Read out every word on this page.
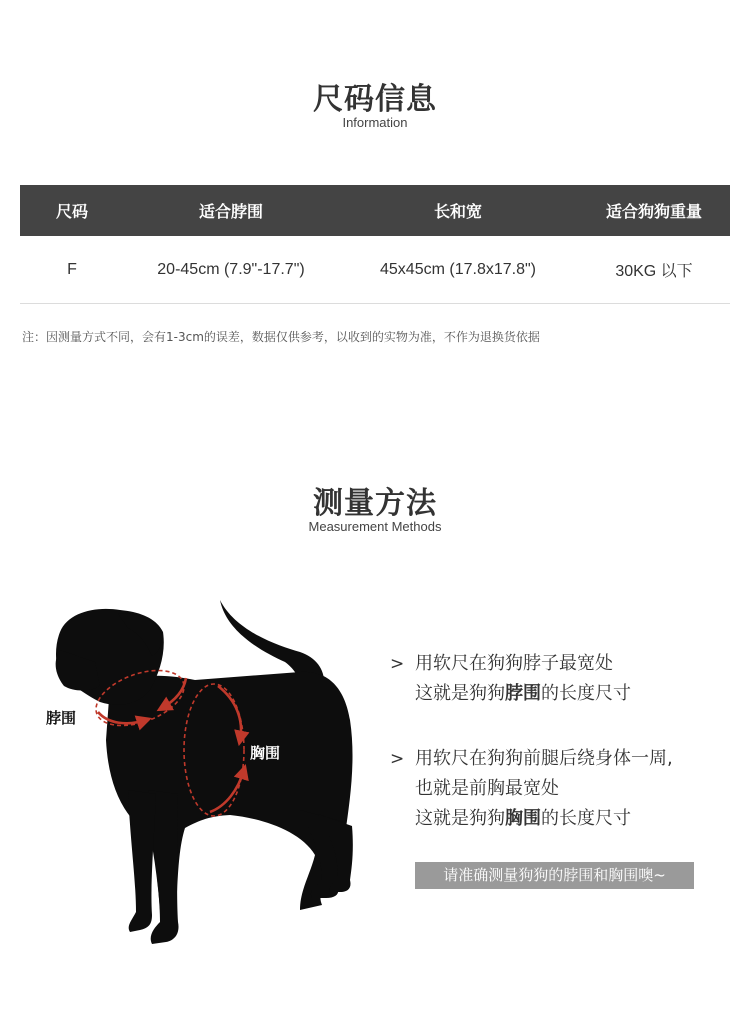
尺码信息
Information
尺码	适合脖围	长和宽	适合狗狗重量
F	20-45cm (7.9"-17.7")	45x45cm (17.8x17.8")	30KG 以下
注：因测量方式不同，会有1-3cm的误差，数据仅供参考，以收到的实物为准，不作为退换货依据
测量方法
Measurement Methods
脖围
胸围
> 用软尺在狗狗脖子最宽处
这就是狗狗脖围的长度尺寸
> 用软尺在狗狗前腿后绕身体一周,
也就是前胸最宽处
这就是狗狗胸围的长度尺寸
请准确测量狗狗的脖围和胸围噢~
